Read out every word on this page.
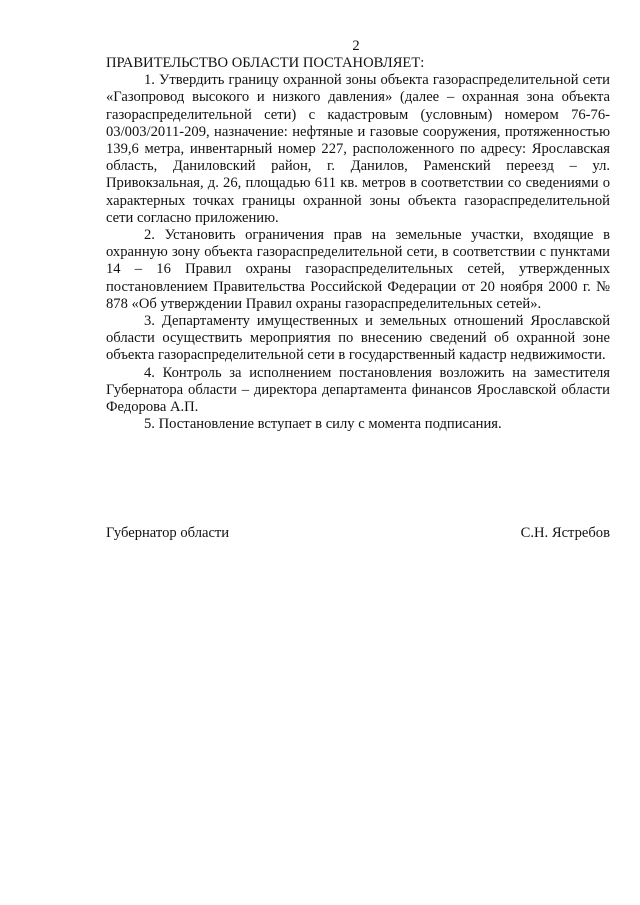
2

ПРАВИТЕЛЬСТВО ОБЛАСТИ ПОСТАНОВЛЯЕТ:

1. Утвердить границу охранной зоны объекта газораспределительной сети «Газопровод высокого и низкого давления» (далее – охранная зона объекта газораспределительной сети) с кадастровым (условным) номером 76-76-03/003/2011-209, назначение: нефтяные и газовые сооружения, протяженностью 139,6 метра, инвентарный номер 227, расположенного по адресу: Ярославская область, Даниловский район, г. Данилов, Раменский переезд – ул. Привокзальная, д. 26, площадью 611 кв. метров в соответствии со сведениями о характерных точках границы охранной зоны объекта газораспределительной сети согласно приложению.

2. Установить ограничения прав на земельные участки, входящие в охранную зону объекта газораспределительной сети, в соответствии с пунктами 14 – 16 Правил охраны газораспределительных сетей, утвержденных постановлением Правительства Российской Федерации от 20 ноября 2000 г. № 878 «Об утверждении Правил охраны газораспределительных сетей».

3. Департаменту имущественных и земельных отношений Ярославской области осуществить мероприятия по внесению сведений об охранной зоне объекта газораспределительной сети в государственный кадастр недвижимости.

4. Контроль за исполнением постановления возложить на заместителя Губернатора области – директора департамента финансов Ярославской области Федорова А.П.

5. Постановление вступает в силу с момента подписания.

Губернатор области	С.Н. Ястребов
